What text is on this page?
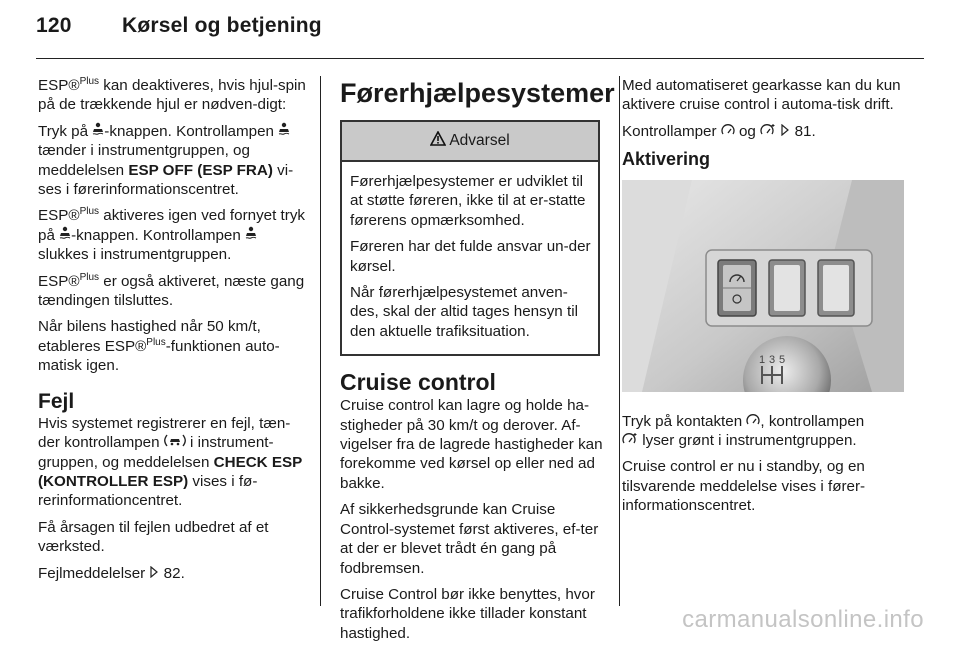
120 Kørsel og betjening

ESP®$^{Plus}$ kan deaktiveres, hvis hjul-spin på de trækkende hjul er nødven-digt:

Tryk på -knappen. Kontrollampen  tænder i instrumentgruppen, og meddelelsen ESP OFF (ESP FRA) vi-ses i førerinformationscentret.

ESP®$^{Plus}$ aktiveres igen ved fornyet tryk på -knappen. Kontrollampen
slukkes i instrumentgruppen.

ESP®$^{Plus}$ er også aktiveret, næste gang tændingen tilsluttes.

Når bilens hastighed når 50 km/t, etableres ESP®$^{Plus}$-funktionen auto-matisk igen.

Fejl

Hvis systemet registrerer en fejl, tæn-der kontrollampen  i instrument-gruppen, og meddelelsen CHECK ESP (KONTROLLER ESP) vises i fø-rerinformationcentret.

Få årsagen til fejlen udbedret af et værksted.

Fejlmeddelelser  82.

Førerhjælpesystemer
Advarsel

Førerhjælpesystemer er udviklet til at støtte føreren, ikke til at er-statte førerens opmærksomhed.

Føreren har det fulde ansvar un-der kørsel.

Når førerhjælpesystemet anven-des, skal der altid tages hensyn til den aktuelle trafiksituation.

Cruise control

Cruise control kan lagre og holde ha-stigheder på 30 km/t og derover. Af-vigelser fra de lagrede hastigheder kan forekomme ved kørsel op eller ned ad bakke.

Af sikkerhedsgrunde kan Cruise Control-systemet først aktiveres, ef-ter at der er blevet trådt én gang på fodbremsen.

Cruise Control bør ikke benyttes, hvor trafikforholdene ikke tillader konstant hastighed.

Med automatiseret gearkasse kan du kun aktivere cruise control i automa-tisk drift.

Kontrollamper  og   81.

Aktivering
1 3 5

Tryk på kontakten , kontrollampen
lyser grønt i instrumentgruppen.

Cruise control er nu i standby, og en tilsvarende meddelelse vises i fører-informationscentret.

carmanualsonline.info
